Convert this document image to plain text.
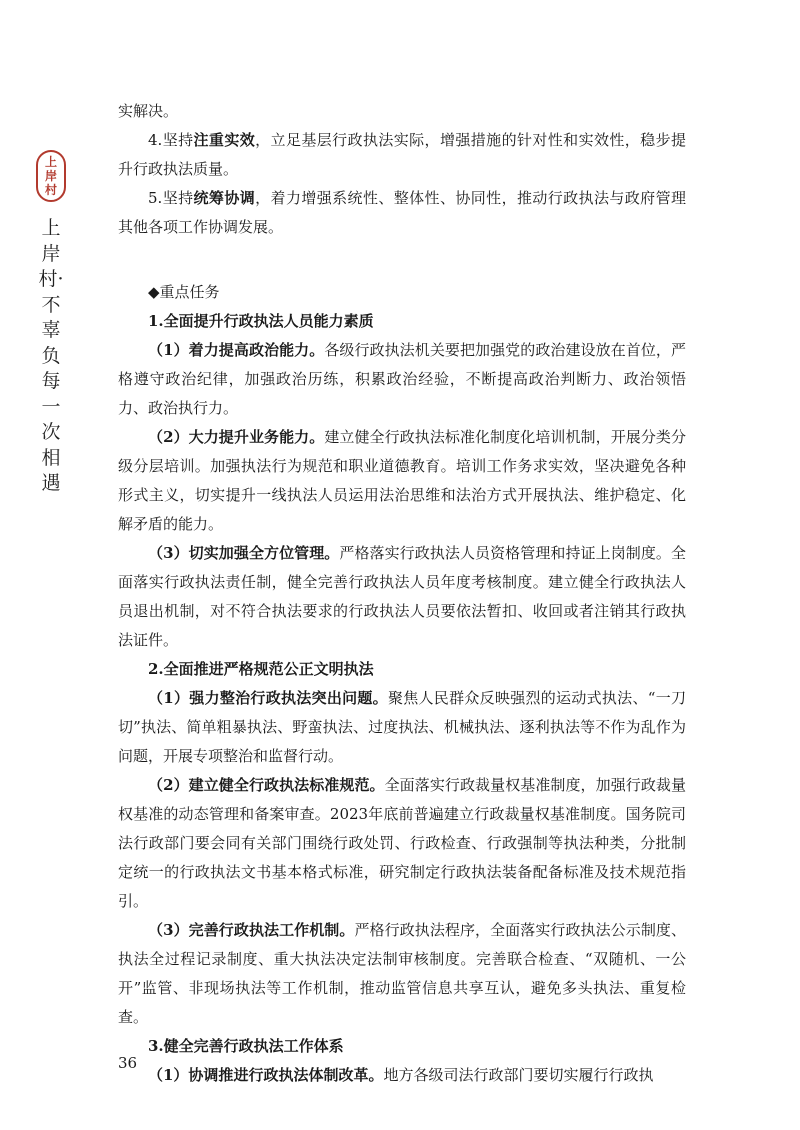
上
岸
村
上岸村·不辜负每一次相遇

实解决。

4.坚持注重实效，立足基层行政执法实际，增强措施的针对性和实效性，稳步提升行政执法质量。

5.坚持统筹协调，着力增强系统性、整体性、协同性，推动行政执法与政府管理其他各项工作协调发展。

◆重点任务

1.全面提升行政执法人员能力素质

（1）着力提高政治能力。各级行政执法机关要把加强党的政治建设放在首位，严格遵守政治纪律，加强政治历练，积累政治经验，不断提高政治判断力、政治领悟力、政治执行力。

（2）大力提升业务能力。建立健全行政执法标准化制度化培训机制，开展分类分级分层培训。加强执法行为规范和职业道德教育。培训工作务求实效，坚决避免各种形式主义，切实提升一线执法人员运用法治思维和法治方式开展执法、维护稳定、化解矛盾的能力。

（3）切实加强全方位管理。严格落实行政执法人员资格管理和持证上岗制度。全面落实行政执法责任制，健全完善行政执法人员年度考核制度。建立健全行政执法人员退出机制，对不符合执法要求的行政执法人员要依法暂扣、收回或者注销其行政执法证件。

2.全面推进严格规范公正文明执法

（1）强力整治行政执法突出问题。聚焦人民群众反映强烈的运动式执法、“一刀切”执法、简单粗暴执法、野蛮执法、过度执法、机械执法、逐利执法等不作为乱作为问题，开展专项整治和监督行动。

（2）建立健全行政执法标准规范。全面落实行政裁量权基准制度，加强行政裁量权基准的动态管理和备案审查。2023年底前普遍建立行政裁量权基准制度。国务院司法行政部门要会同有关部门围绕行政处罚、行政检查、行政强制等执法种类，分批制定统一的行政执法文书基本格式标准，研究制定行政执法装备配备标准及技术规范指引。

（3）完善行政执法工作机制。严格行政执法程序，全面落实行政执法公示制度、执法全过程记录制度、重大执法决定法制审核制度。完善联合检查、“双随机、一公开”监管、非现场执法等工作机制，推动监管信息共享互认，避免多头执法、重复检查。

3.健全完善行政执法工作体系

（1）协调推进行政执法体制改革。地方各级司法行政部门要切实履行行政执

36
